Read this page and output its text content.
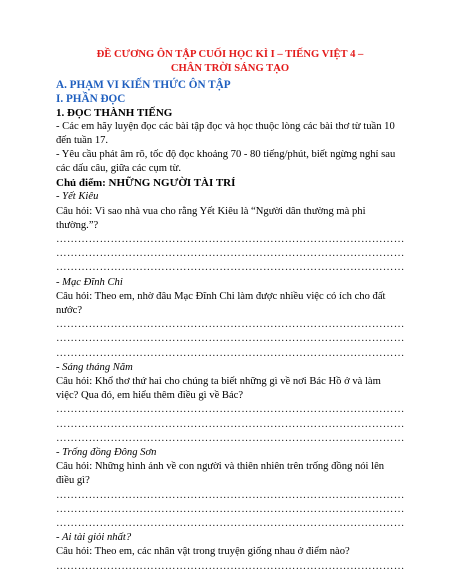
ĐỀ CƯƠNG ÔN TẬP CUỐI HỌC KÌ I – TIẾNG VIỆT 4 –
CHÂN TRỜI SÁNG TẠO
A. PHẠM VI KIẾN THỨC ÔN TẬP
I. PHẦN ĐỌC
1. ĐỌC THÀNH TIẾNG

- Các em hãy luyện đọc các bài tập đọc và học thuộc lòng các bài thơ từ tuần 10 đến tuần 17.

- Yêu cầu phát âm rõ, tốc độ đọc khoảng 70 - 80 tiếng/phút, biết ngừng nghỉ sau các dấu câu, giữa các cụm từ.

Chủ điểm: NHỮNG NGƯỜI TÀI TRÍ
- Yết Kiêu

Câu hỏi: Vì sao nhà vua cho rằng Yết Kiêu là “Người dân thường mà phi thường.”?

………………………………………………………………………………………………………………………………………
………………………………………………………………………………………………………………………………………
………………………………………………………………………………………………………………………………………
- Mạc Đĩnh Chi

Câu hỏi: Theo em, nhờ đâu Mạc Đĩnh Chi làm được nhiều việc có ích cho đất nước?

………………………………………………………………………………………………………………………………………
………………………………………………………………………………………………………………………………………
………………………………………………………………………………………………………………………………………
- Sáng tháng Năm

Câu hỏi: Khổ thơ thứ hai cho chúng ta biết những gì về nơi Bác Hồ ở và làm việc? Qua đó, em hiểu thêm điều gì về Bác?

………………………………………………………………………………………………………………………………………
………………………………………………………………………………………………………………………………………
………………………………………………………………………………………………………………………………………
- Trống đồng Đông Sơn

Câu hỏi: Những hình ảnh về con người và thiên nhiên trên trống đồng nói lên điều gì?

………………………………………………………………………………………………………………………………………
………………………………………………………………………………………………………………………………………
………………………………………………………………………………………………………………………………………
- Ai tài giỏi nhất?

Câu hỏi: Theo em, các nhân vật trong truyện giống nhau ở điểm nào?

………………………………………………………………………………………………………………………………………
